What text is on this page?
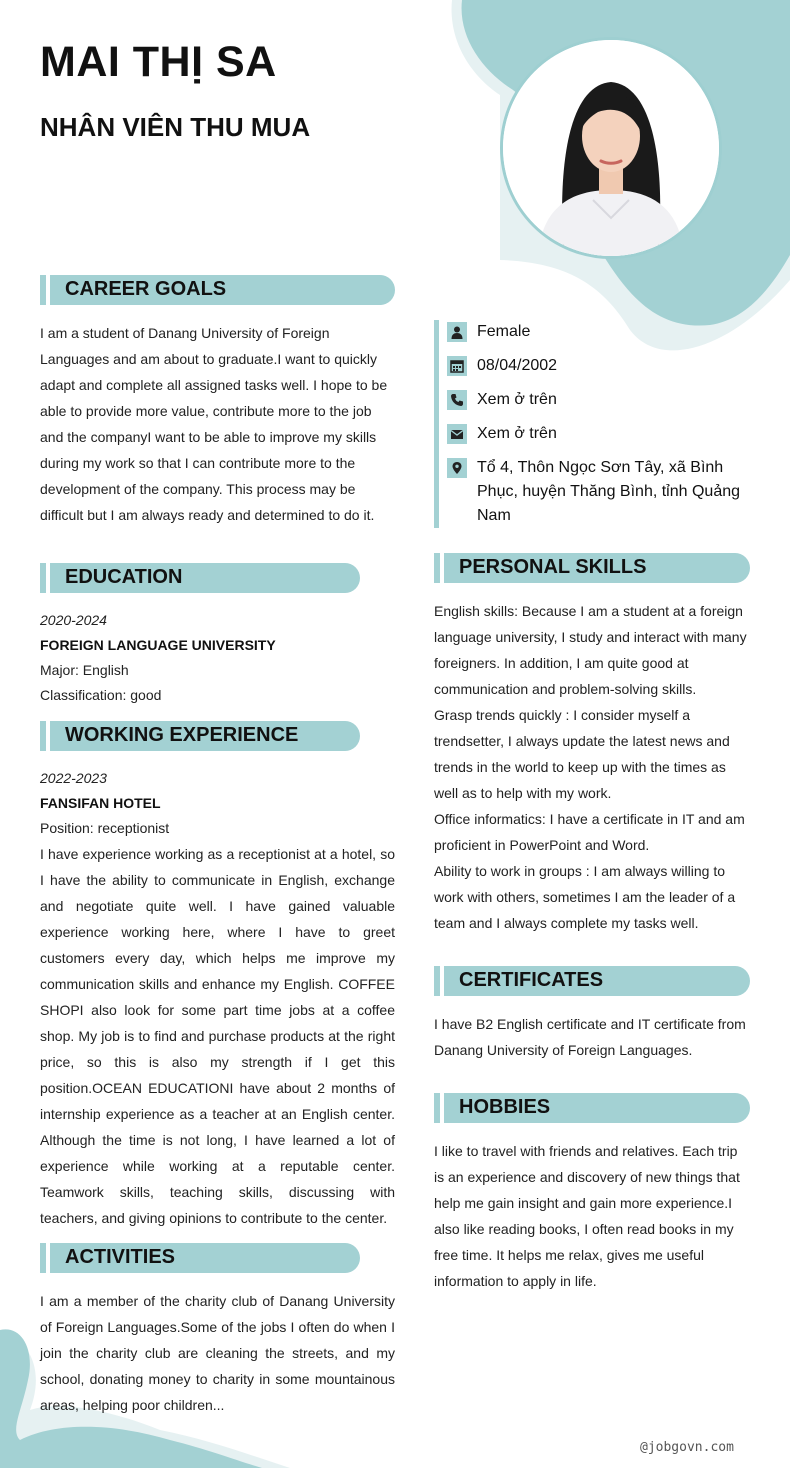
MAI THỊ SA
NHÂN VIÊN THU MUA
CAREER GOALS

I am a student of Danang University of Foreign Languages and am about to graduate.I want to quickly adapt and complete all assigned tasks well. I hope to be able to provide more value, contribute more to the job and the companyI want to be able to improve my skills during my work so that I can contribute more to the development of the company. This process may be difficult but I am always ready and determined to do it.

EDUCATION
2020-2024
FOREIGN LANGUAGE UNIVERSITY
Major: English
Classification: good
WORKING EXPERIENCE
2022-2023
FANSIFAN HOTEL
Position: receptionist
I have experience working as a receptionist at a hotel, so I have the ability to communicate in English, exchange and negotiate quite well. I have gained valuable experience working here, where I have to greet customers every day, which helps me improve my communication skills and enhance my English. COFFEE SHOPI also look for some part time jobs at a coffee shop. My job is to find and purchase products at the right price, so this is also my strength if I get this position.OCEAN EDUCATIONI have about 2 months of internship experience as a teacher at an English center. Although the time is not long, I have learned a lot of experience while working at a reputable center. Teamwork skills, teaching skills, discussing with teachers, and giving opinions to contribute to the center.
ACTIVITIES

I am a member of the charity club of Danang University of Foreign Languages.Some of the jobs I often do when I join the charity club are cleaning the streets, and my school, donating money to charity in some mountainous areas, helping poor children...

Female
08/04/2002
Xem ở trên
Xem ở trên
Tổ 4, Thôn Ngọc Sơn Tây, xã Bình Phục, huyện Thăng Bình, tỉnh Quảng Nam
PERSONAL SKILLS
English skills: Because I am a student at a foreign language university, I study and interact with many foreigners. In addition, I am quite good at communication and problem-solving skills.
Grasp trends quickly : I consider myself a trendsetter, I always update the latest news and trends in the world to keep up with the times as well as to help with my work.
Office informatics: I have a certificate in IT and am proficient in PowerPoint and Word.
Ability to work in groups : I am always willing to work with others, sometimes I am the leader of a team and I always complete my tasks well.
CERTIFICATES

I have B2 English certificate and IT certificate from Danang University of Foreign Languages.

HOBBIES

I like to travel with friends and relatives. Each trip is an experience and discovery of new things that help me gain insight and gain more experience.I also like reading books, I often read books in my free time. It helps me relax, gives me useful information to apply in life.

@jobgovn.com
